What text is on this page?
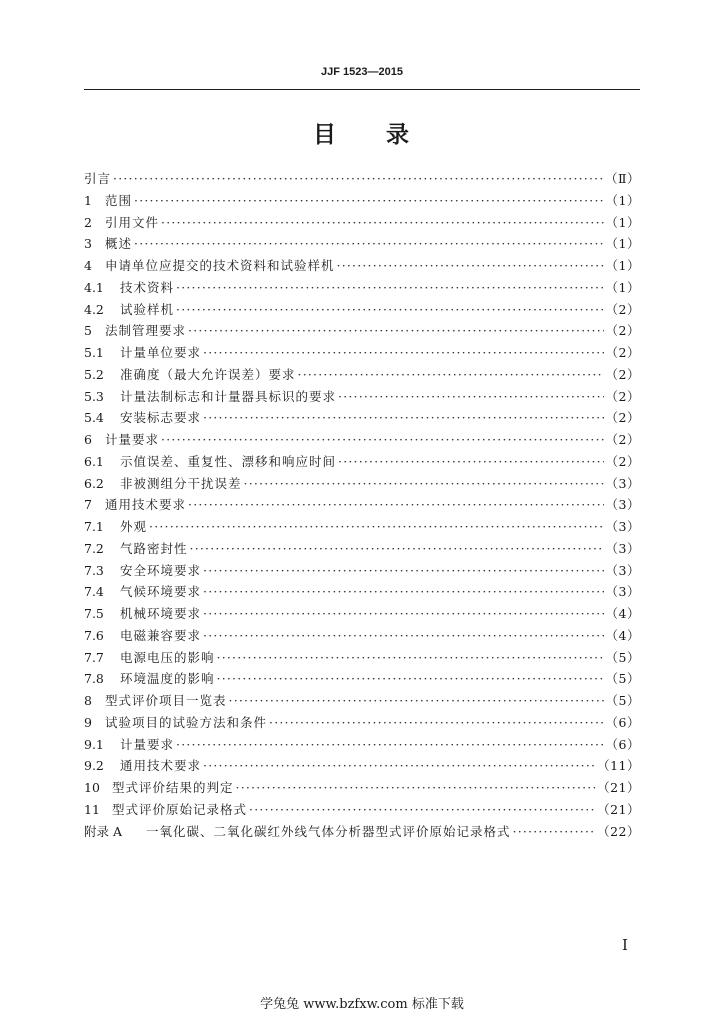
JJF 1523—2015
目 录
引言 ·····	（Ⅱ）
1	范围 ·····	（1）
2	引用文件 ·····	（1）
3	概述 ·····	（1）
4	申请单位应提交的技术资料和试验样机 ·····	（1）
4.1	技术资料 ·····	（1）
4.2	试验样机 ·····	（2）
5	法制管理要求 ·····	（2）
5.1	计量单位要求 ·····	（2）
5.2	准确度（最大允许误差）要求 ·····	（2）
5.3	计量法制标志和计量器具标识的要求 ·····	（2）
5.4	安装标志要求 ·····	（2）
6	计量要求 ·····	（2）
6.1	示值误差、重复性、漂移和响应时间 ·····	（2）
6.2	非被测组分干扰误差 ·····	（3）
7	通用技术要求 ·····	（3）
7.1	外观 ·····	（3）
7.2	气路密封性 ·····	（3）
7.3	安全环境要求 ·····	（3）
7.4	气候环境要求 ·····	（3）
7.5	机械环境要求 ·····	（4）
7.6	电磁兼容要求 ·····	（4）
7.7	电源电压的影响 ·····	（5）
7.8	环境温度的影响 ·····	（5）
8	型式评价项目一览表 ·····	（5）
9	试验项目的试验方法和条件 ·····	（6）
9.1	计量要求 ·····	（6）
9.2	通用技术要求 ·····	（11）
10 型式评价结果的判定 ·····	（21）
11 型式评价原始记录格式 ·····	（21）
附录 A	一氧化碳、二氧化碳红外线气体分析器型式评价原始记录格式 ·····	（22）
I
学兔兔 www.bzfxw.com 标准下载
